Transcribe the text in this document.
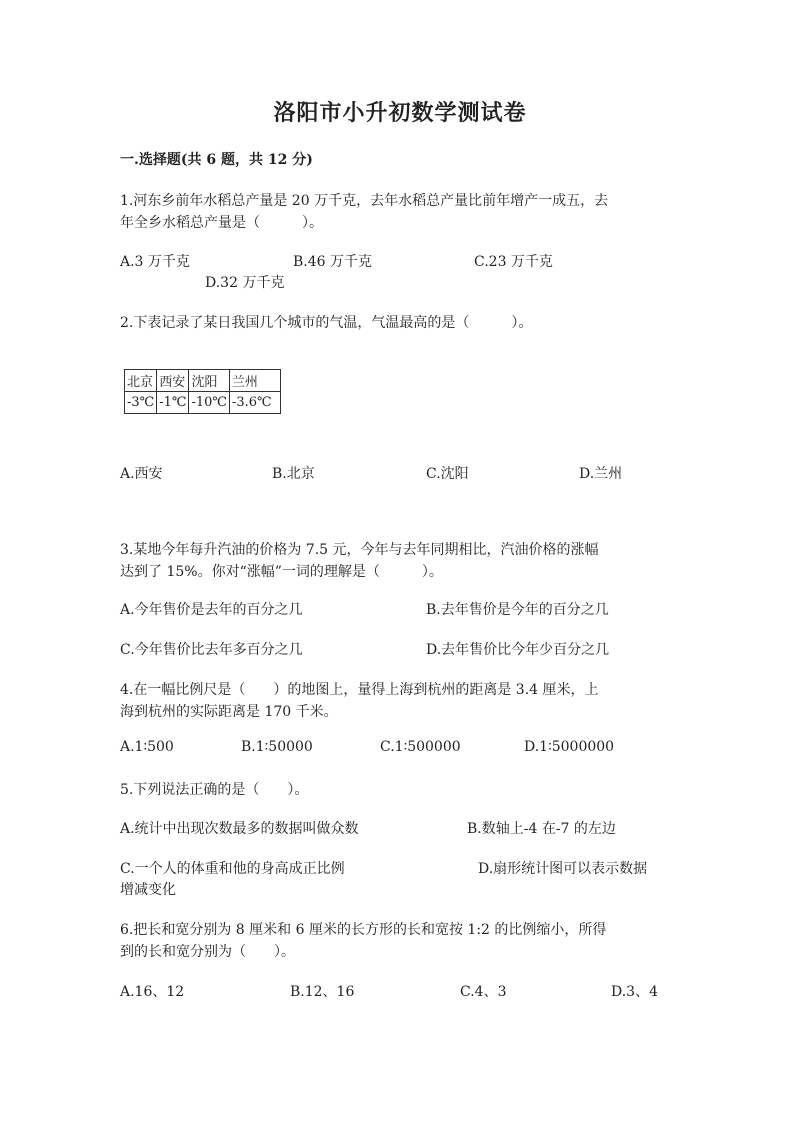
洛阳市小升初数学测试卷
一.选择题(共 6 题，共 12 分)
1.河东乡前年水稻总产量是 20 万千克，去年水稻总产量比前年增产一成五，去
年全乡水稻总产量是（　　　）。
A.3 万千克	B.46 万千克	C.23 万千克
D.32 万千克
2.下表记录了某日我国几个城市的气温，气温最高的是（　　　）。
北京	西安	沈阳	兰州
-3℃	-1℃	-10℃	-3.6℃
A.西安	B.北京	C.沈阳	D.兰州
3.某地今年每升汽油的价格为 7.5 元，今年与去年同期相比，汽油价格的涨幅
达到了 15%。你对“涨幅”一词的理解是（　　　）。
A.今年售价是去年的百分之几	B.去年售价是今年的百分之几
C.今年售价比去年多百分之几	D.去年售价比今年少百分之几
4.在一幅比例尺是（　　）的地图上，量得上海到杭州的距离是 3.4 厘米，上
海到杭州的实际距离是 170 千米。
A.1∶500	B.1∶50000	C.1∶500000	D.1∶5000000
5.下列说法正确的是（　　）。
A.统计中出现次数最多的数据叫做众数	B.数轴上-4 在-7 的左边
C.一个人的体重和他的身高成正比例	D.扇形统计图可以表示数据
增减变化
6.把长和宽分别为 8 厘米和 6 厘米的长方形的长和宽按 1:2 的比例缩小，所得
到的长和宽分别为（　　）。
A.16、12	B.12、16	C.4、3	D.3、4
